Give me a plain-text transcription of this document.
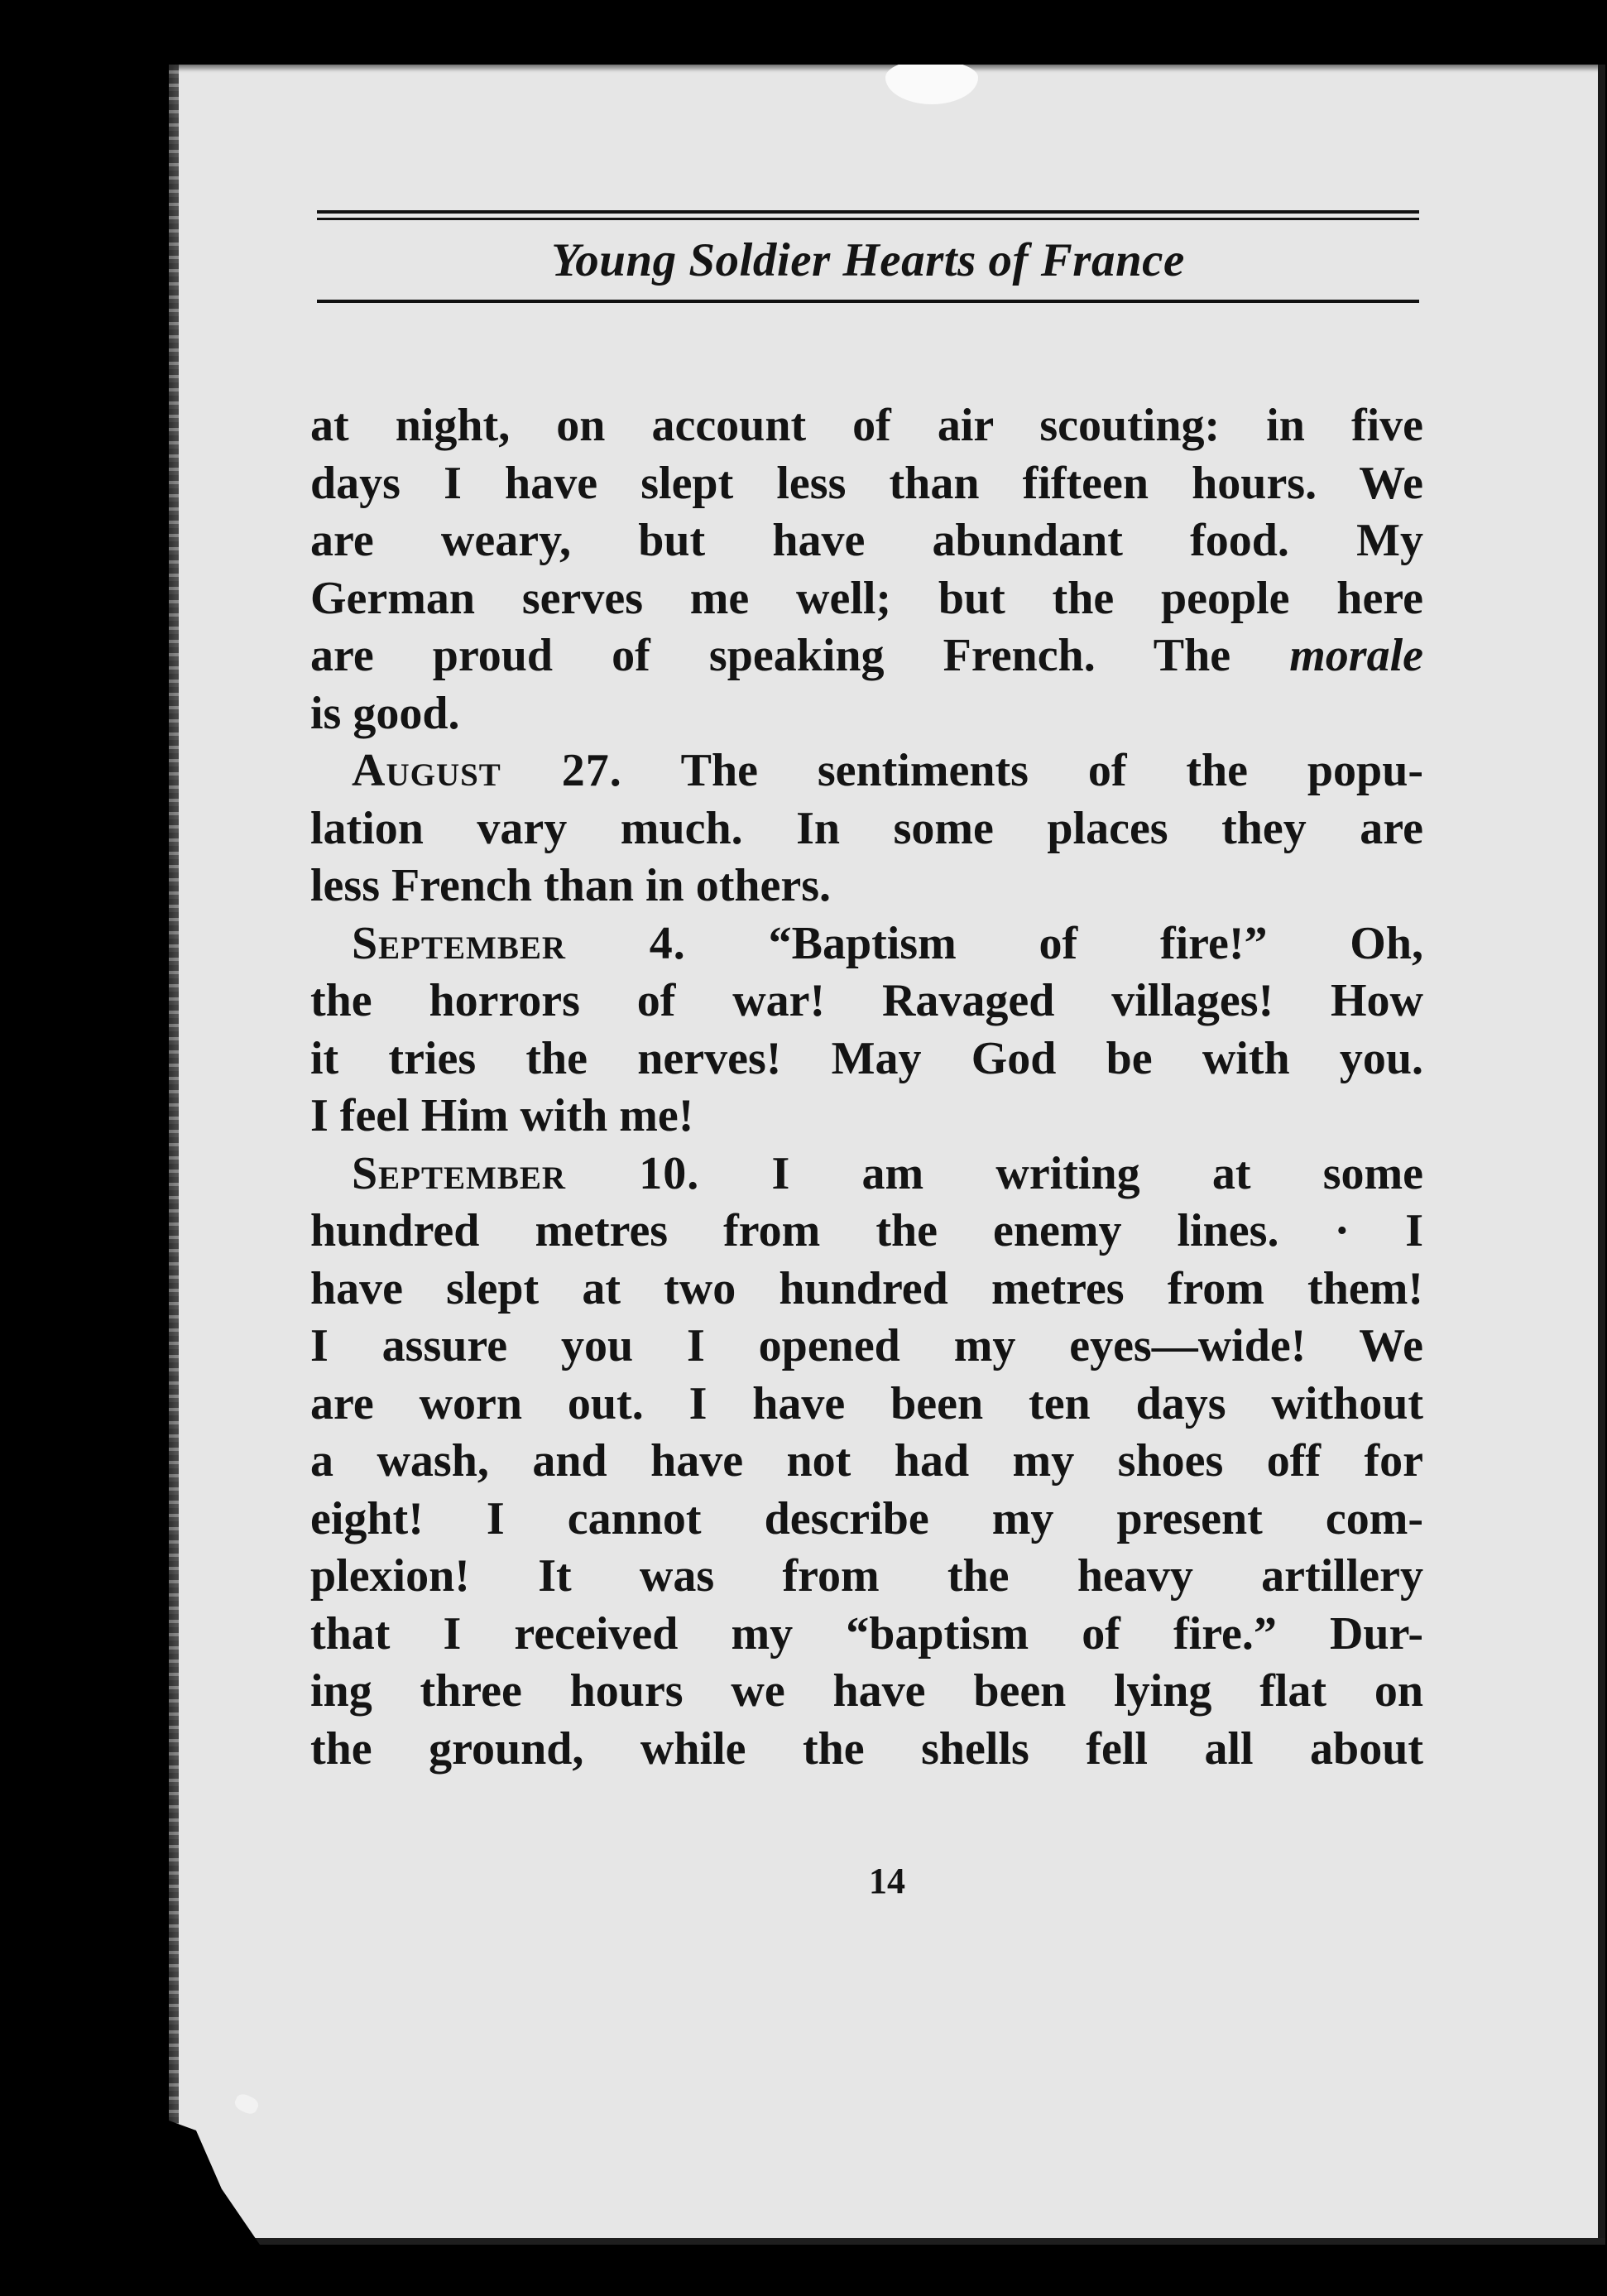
14
Young Soldier Hearts of France
at night, on account of air scouting: in five
days I have slept less than fifteen hours. We
are weary, but have abundant food. My
German serves me well; but the people here
are proud of speaking French. The morale
is good.
August 27. The sentiments of the popu-
lation vary much. In some places they are
less French than in others.
September 4. “Baptism of fire!” Oh,
the horrors of war! Ravaged villages! How
it tries the nerves! May God be with you.
I feel Him with me!
September 10. I am writing at some
hundred metres from the enemy lines. · I
have slept at two hundred metres from them!
I assure you I opened my eyes—wide! We
are worn out. I have been ten days without
a wash, and have not had my shoes off for
eight! I cannot describe my present com-
plexion! It was from the heavy artillery
that I received my “baptism of fire.” Dur-
ing three hours we have been lying flat on
the ground, while the shells fell all about
